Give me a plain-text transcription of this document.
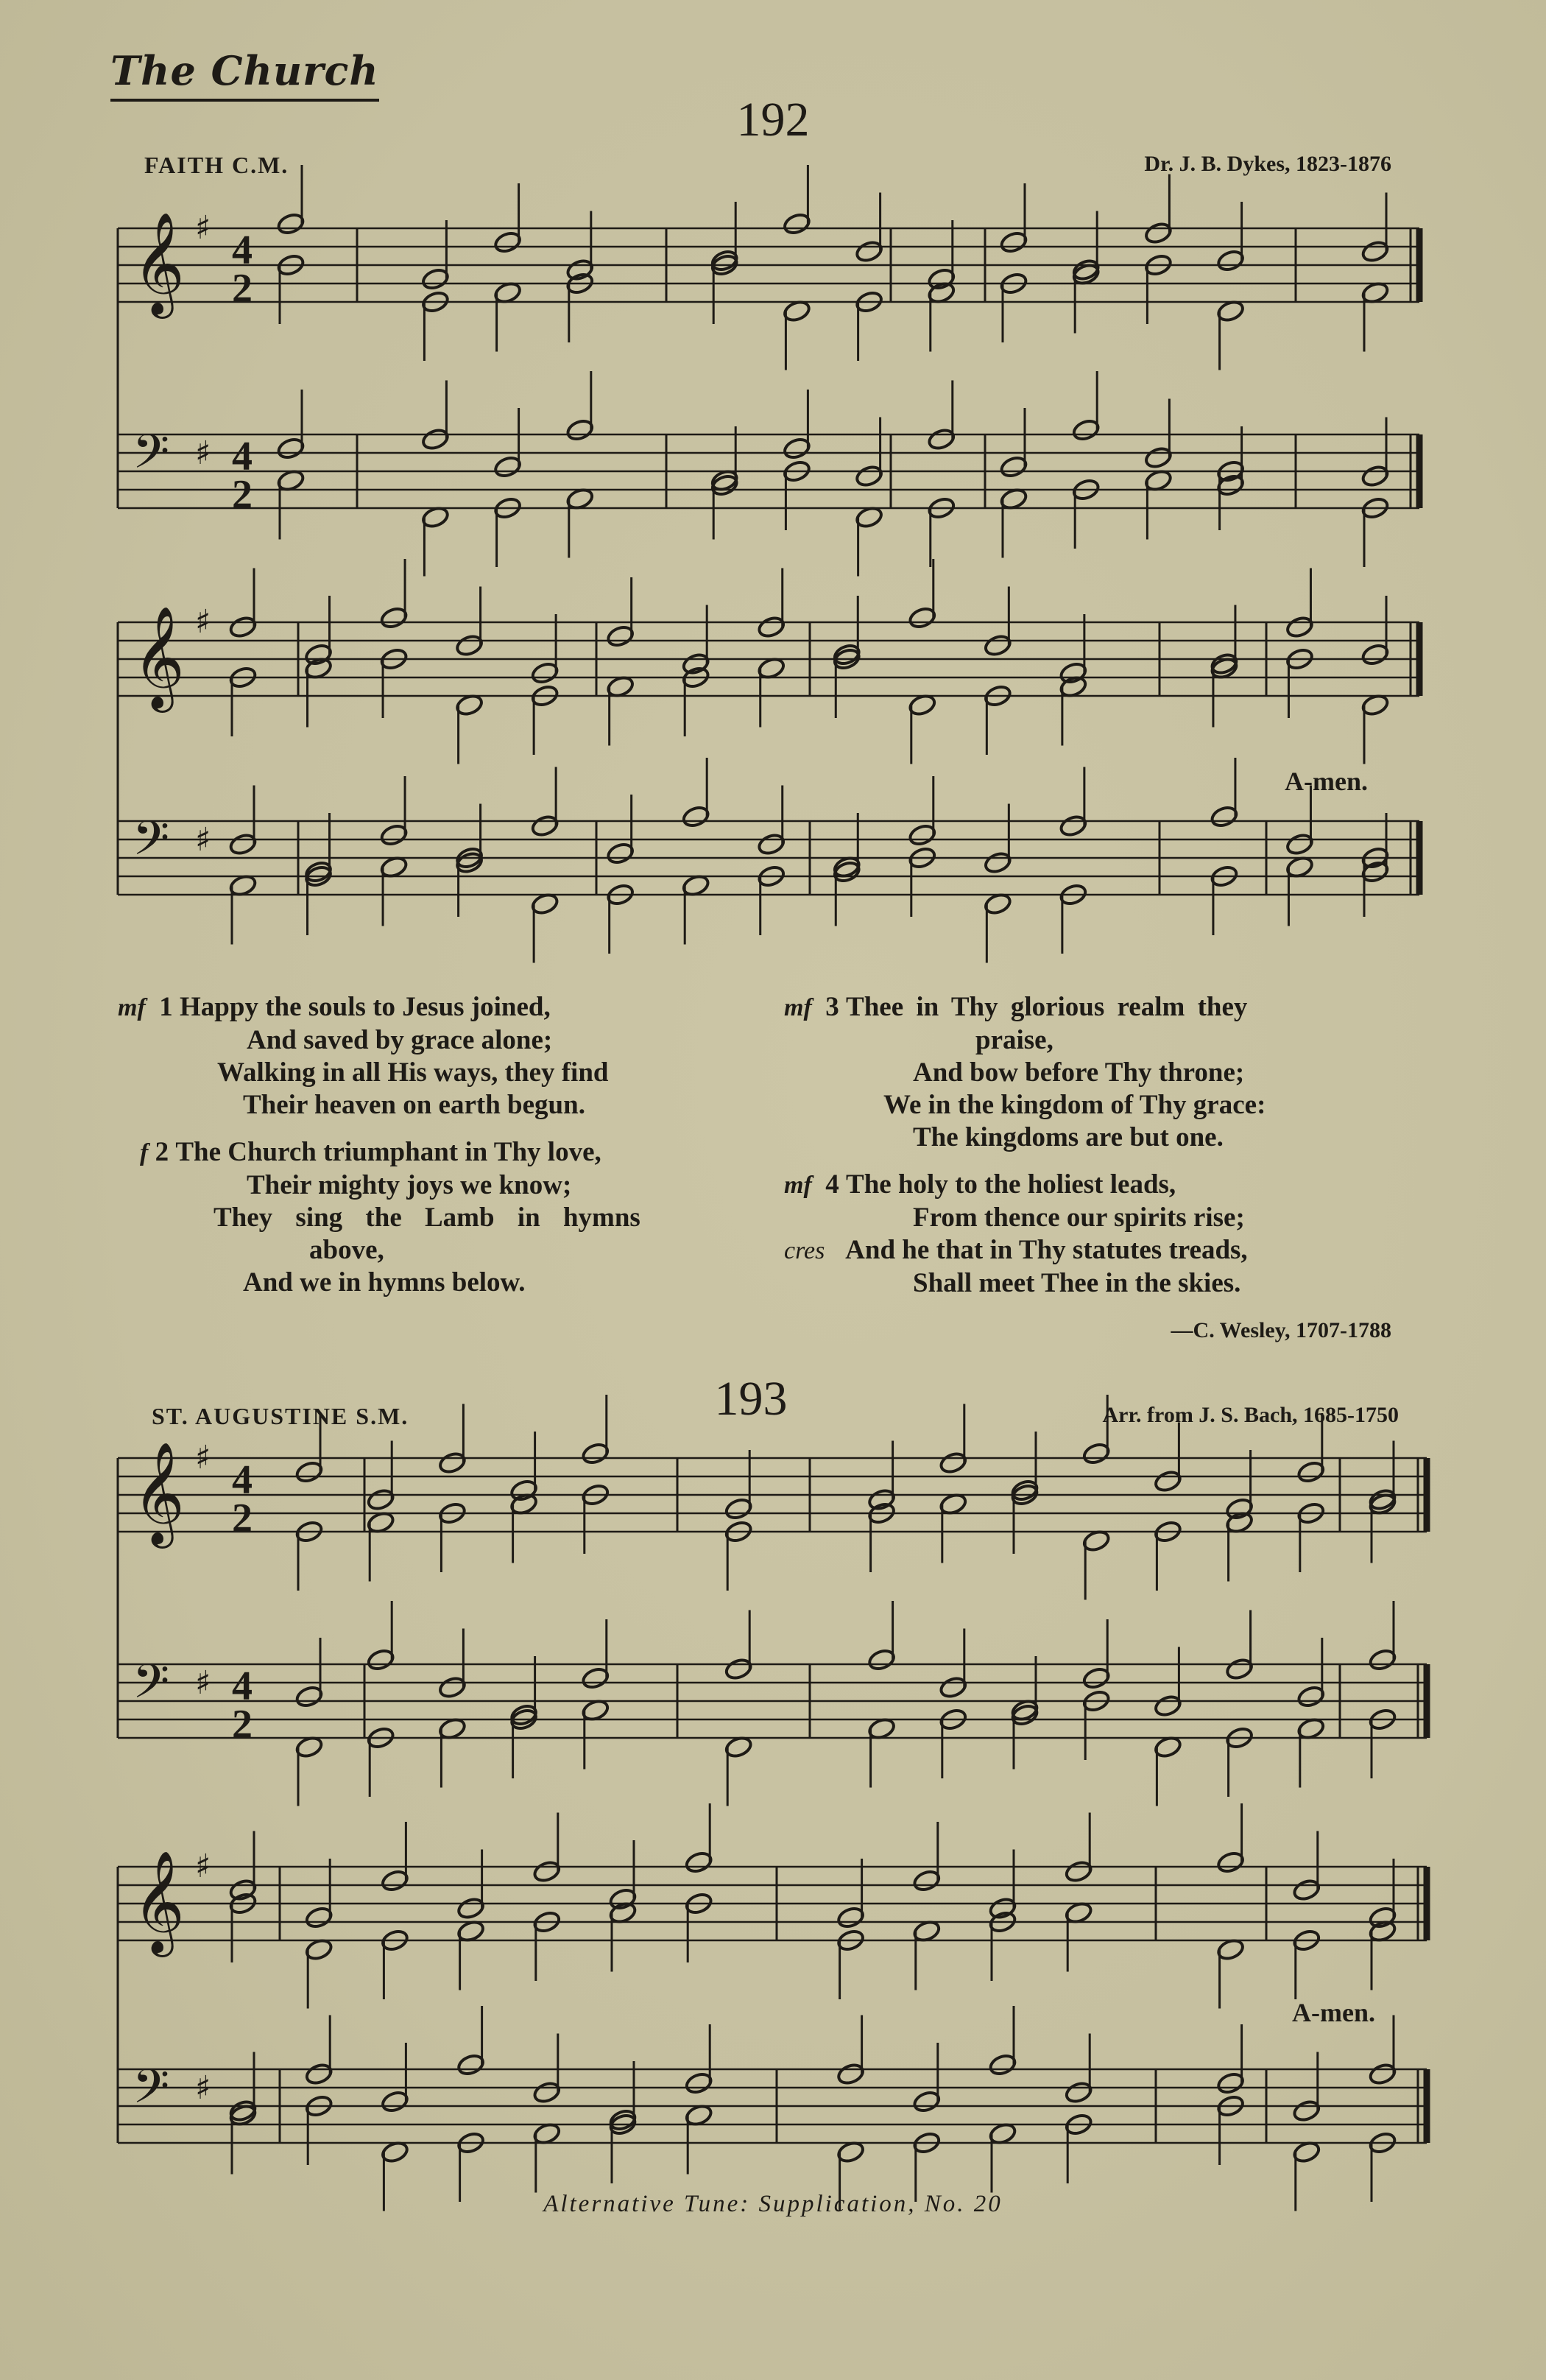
The Church
192
FAITH C.M.	Dr. J. B. Dykes, 1823-1876
𝄞 ♯ 4
2
𝄢 ♯ 4
2
𝄞 ♯
𝄢 ♯
𝄞 ♯ 4
2
𝄢 ♯ 4
2
𝄞 ♯
𝄢 ♯
A-men.
mf 1 Happy the souls to Jesus joined,
And saved by grace alone;
Walking in all His ways, they find
Their heaven on earth begun.
f 2 The Church triumphant in Thy love,
Their mighty joys we know;
They sing the Lamb in hymns
above,
And we in hymns below.
mf 3 Thee in Thy glorious realm they
praise,
And bow before Thy throne;
We in the kingdom of Thy grace:
The kingdoms are but one.
mf 4 The holy to the holiest leads,
From thence our spirits rise;
cres And he that in Thy statutes treads,
Shall meet Thee in the skies.
—C. Wesley, 1707-1788
ST. AUGUSTINE S.M.	193	Arr. from J. S. Bach, 1685-1750
A-men.
Alternative Tune: Supplication, No. 20
